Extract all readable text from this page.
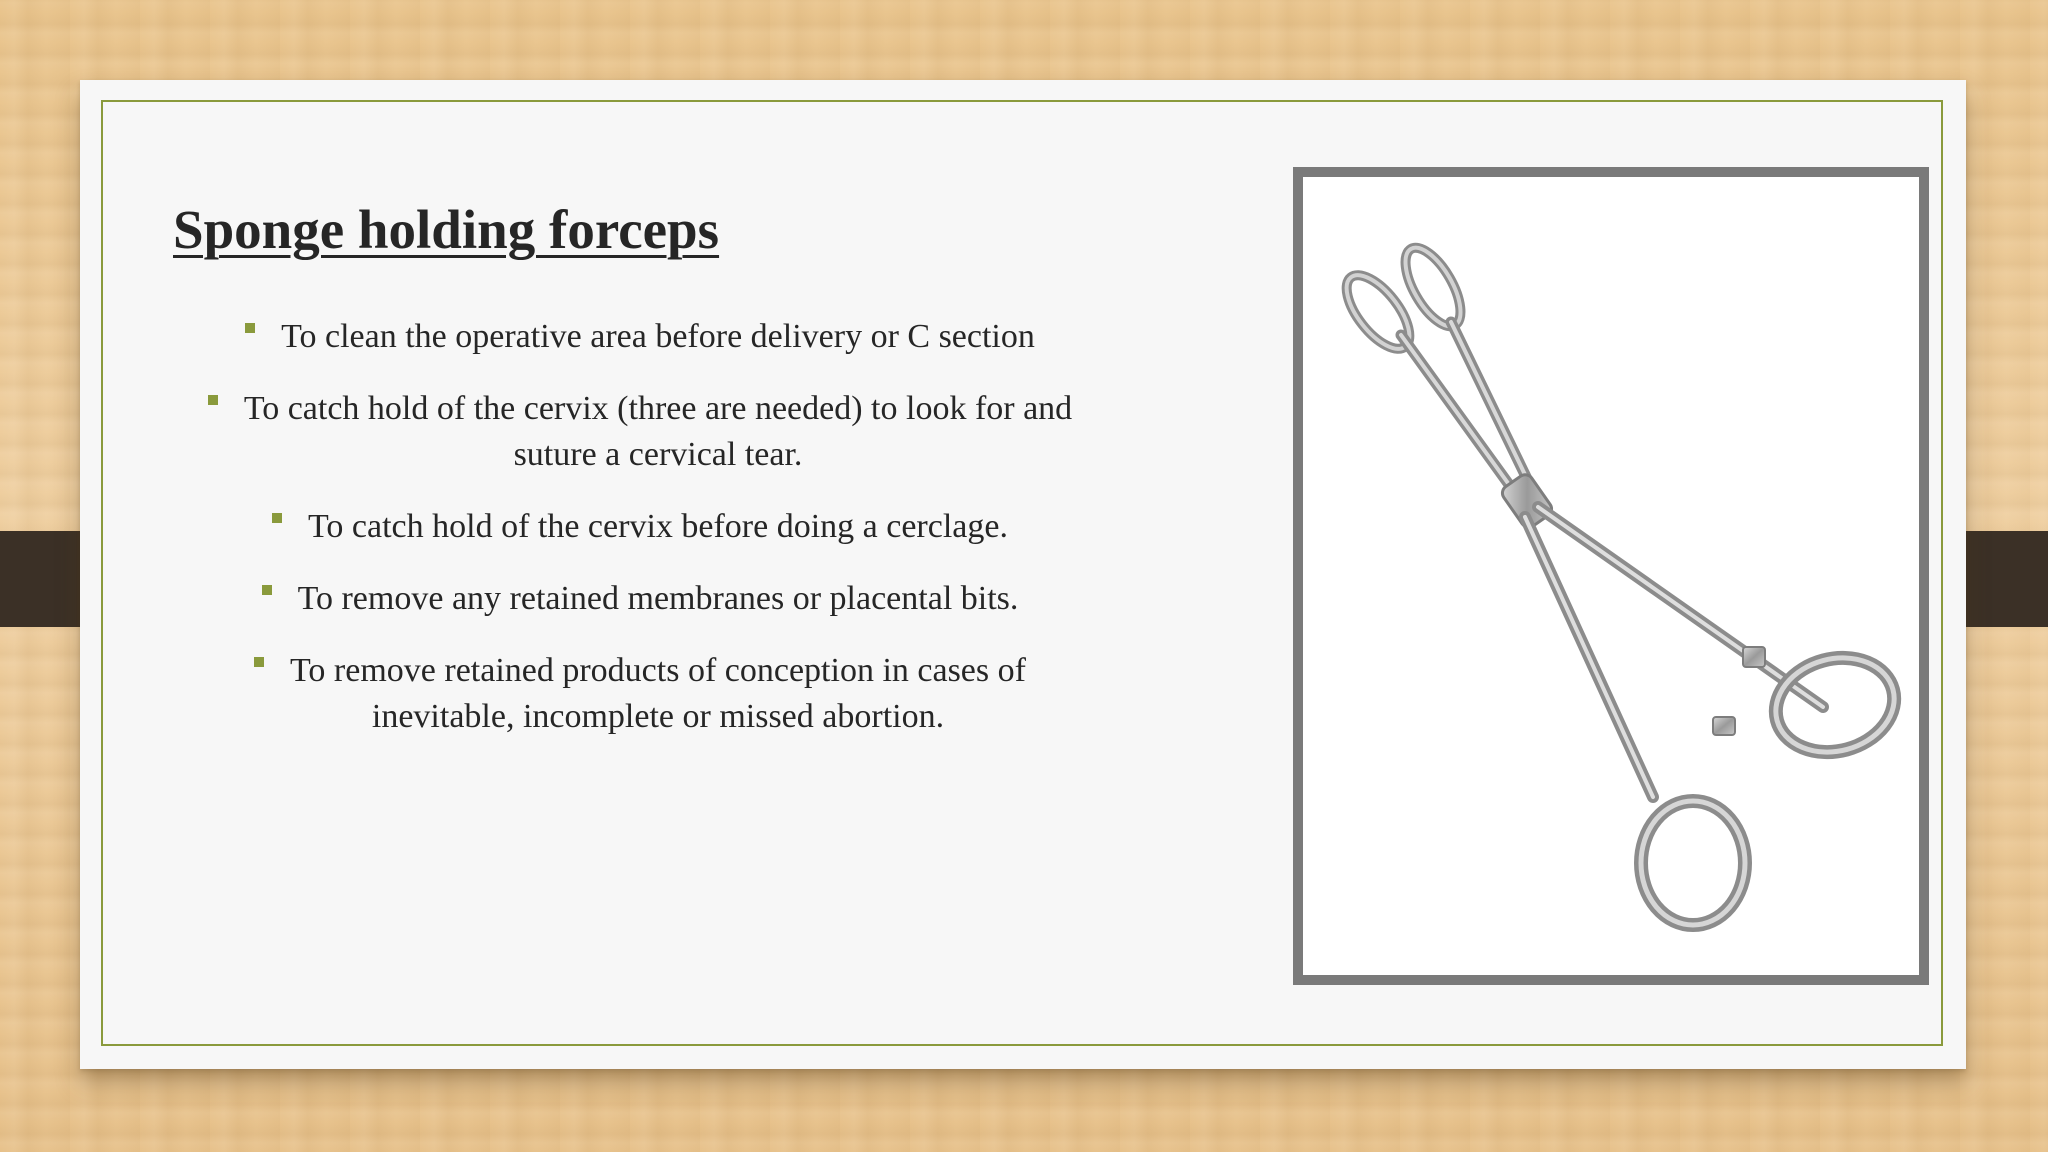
Sponge holding forceps
To clean the operative area before delivery or C section
To catch hold of the cervix (three are needed) to look for and
suture a cervical tear.
To catch hold of the cervix before doing a cerclage.
To remove any retained membranes or placental bits.
To remove retained products of conception in cases of
inevitable, incomplete or missed abortion.
